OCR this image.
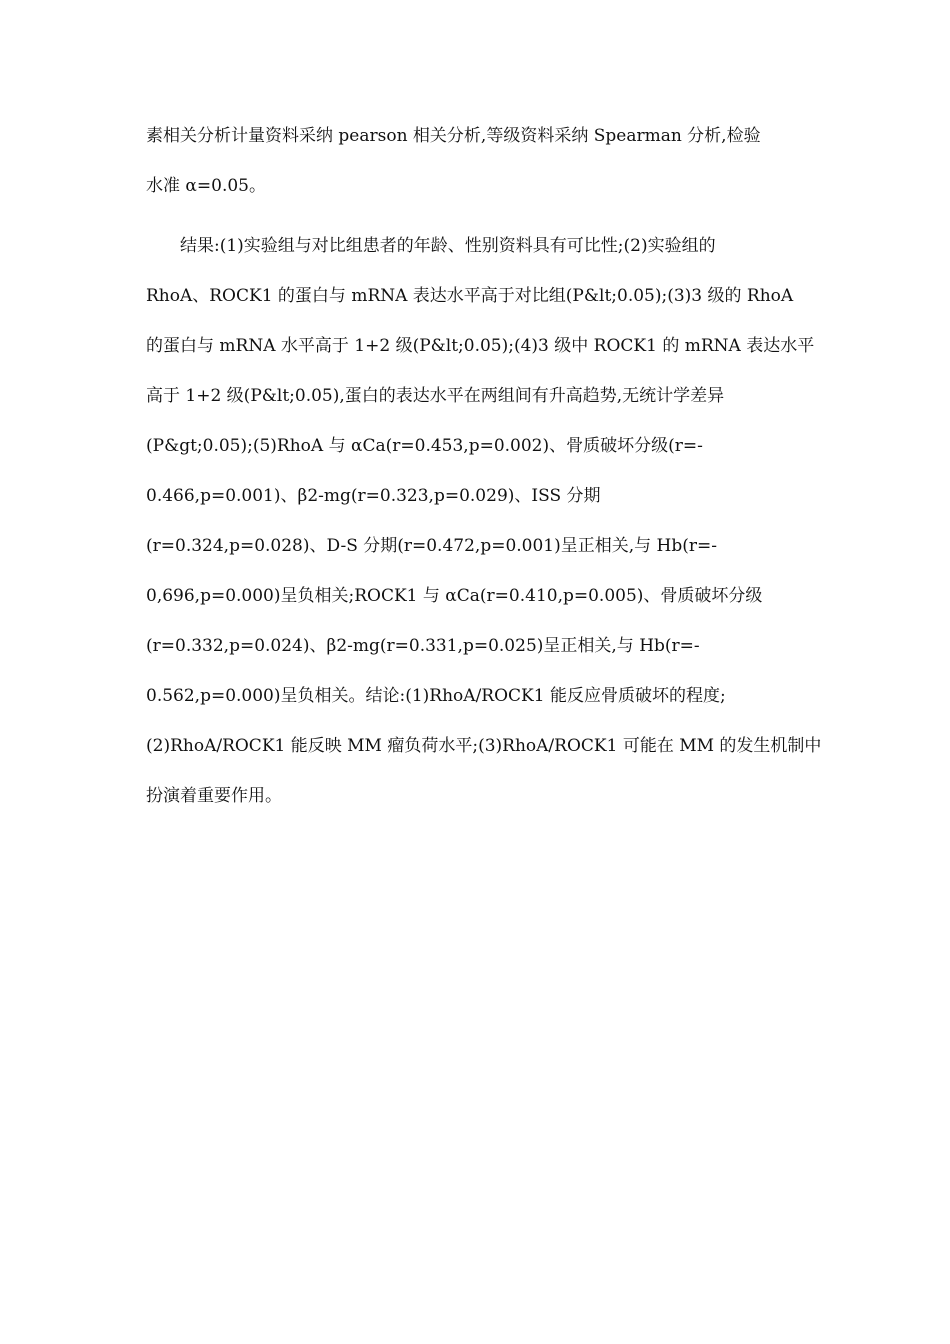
素相关分析计量资料采纳 pearson 相关分析,等级资料采纳 Spearman 分析,检验
水准 α=0.05。
结果:(1)实验组与对比组患者的年龄、性别资料具有可比性;(2)实验组的
RhoA、ROCK1 的蛋白与 mRNA 表达水平高于对比组(P&lt;0.05);(3)3 级的 RhoA
的蛋白与 mRNA 水平高于 1+2 级(P&lt;0.05);(4)3 级中 ROCK1 的 mRNA 表达水平
高于 1+2 级(P&lt;0.05),蛋白的表达水平在两组间有升高趋势,无统计学差异
(P&gt;0.05);(5)RhoA 与 αCa(r=0.453,p=0.002)、骨质破坏分级(r=-
0.466,p=0.001)、β2-mg(r=0.323,p=0.029)、ISS 分期
(r=0.324,p=0.028)、D-S 分期(r=0.472,p=0.001)呈正相关,与 Hb(r=-
0,696,p=0.000)呈负相关;ROCK1 与 αCa(r=0.410,p=0.005)、骨质破坏分级
(r=0.332,p=0.024)、β2-mg(r=0.331,p=0.025)呈正相关,与 Hb(r=-
0.562,p=0.000)呈负相关。结论:(1)RhoA/ROCK1 能反应骨质破坏的程度;
(2)RhoA/ROCK1 能反映 MM 瘤负荷水平;(3)RhoA/ROCK1 可能在 MM 的发生机制中
扮演着重要作用。
